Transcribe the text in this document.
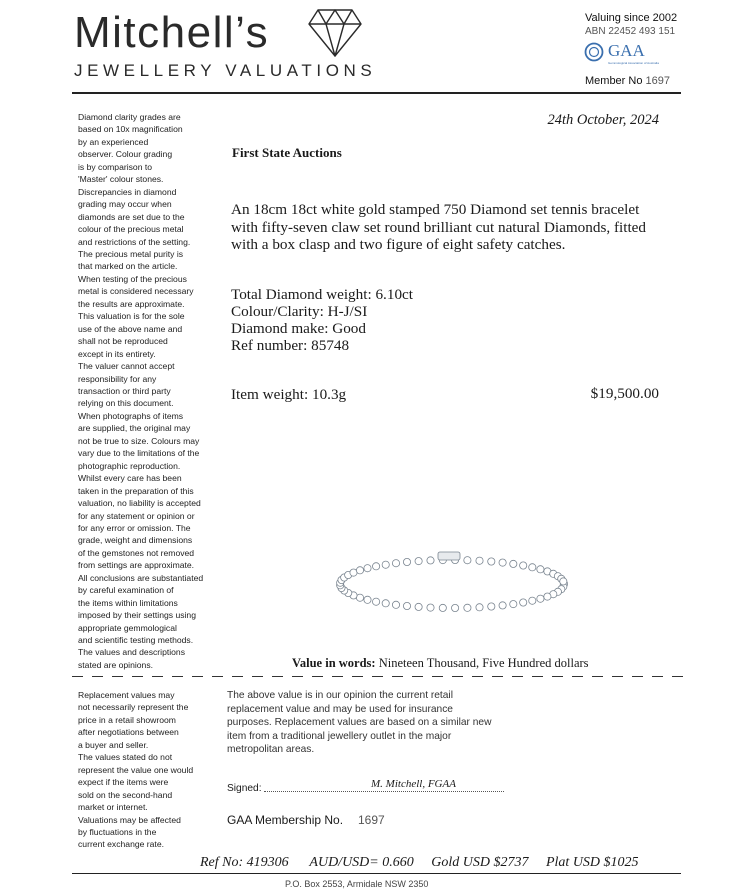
Mitchell’s
JEWELLERY VALUATIONS
Valuing since 2002
ABN 22452 493 151
GAA
Gemmological Association of Australia
Member No 1697
Diamond clarity grades are
based on 10x magnification
by an experienced
observer. Colour grading
is by comparison to
'Master' colour stones.
Discrepancies in diamond
grading may occur when
diamonds are set due to the
colour of the precious metal
and restrictions of the setting.
The precious metal purity is
that marked on the article.
When testing of the precious
metal is considered necessary
the results are approximate.
This valuation is for the sole
use of the above name and
shall not be reproduced
except in its entirety.
The valuer cannot accept
responsibility for any
transaction or third party
relying on this document.
When photographs of items
are supplied, the original may
not be true to size. Colours may
vary due to the limitations of the
photographic reproduction.
Whilst every care has been
taken in the preparation of this
valuation, no liability is accepted
for any statement or opinion or
for any error or omission. The
grade, weight and dimensions
of the gemstones not removed
from settings are approximate.
All conclusions are substantiated
by careful examination of
the items within limitations
imposed by their settings using
appropriate gemmological
and scientific testing methods.
The values and descriptions
stated are opinions.
24th October, 2024
First State Auctions
An 18cm 18ct white gold stamped 750 Diamond set tennis bracelet with fifty-seven claw set round brilliant cut natural Diamonds, fitted with a box clasp and two figure of eight safety catches.
Total Diamond weight: 6.10ct
Colour/Clarity: H-J/SI
Diamond make: Good
Ref number: 85748
Item weight: 10.3g	$19,500.00
Value in words: Nineteen Thousand, Five Hundred dollars
Replacement values may
not necessarily represent the
price in a retail showroom
after negotiations between
a buyer and seller.
The values stated do not
represent the value one would
expect if the items were
sold on the second-hand
market or internet.
Valuations may be affected
by fluctuations in the
current exchange rate.
The above value is in our opinion the current retail replacement value and may be used for insurance purposes. Replacement values are based on a similar new item from a traditional jewellery outlet in the major metropolitan areas.
Signed:	M. Mitchell, FGAA
GAA Membership No. 1697
Ref No: 419306 AUD/USD= 0.660 Gold USD $2737 Plat USD $1025
P.O. Box 2553, Armidale NSW 2350
